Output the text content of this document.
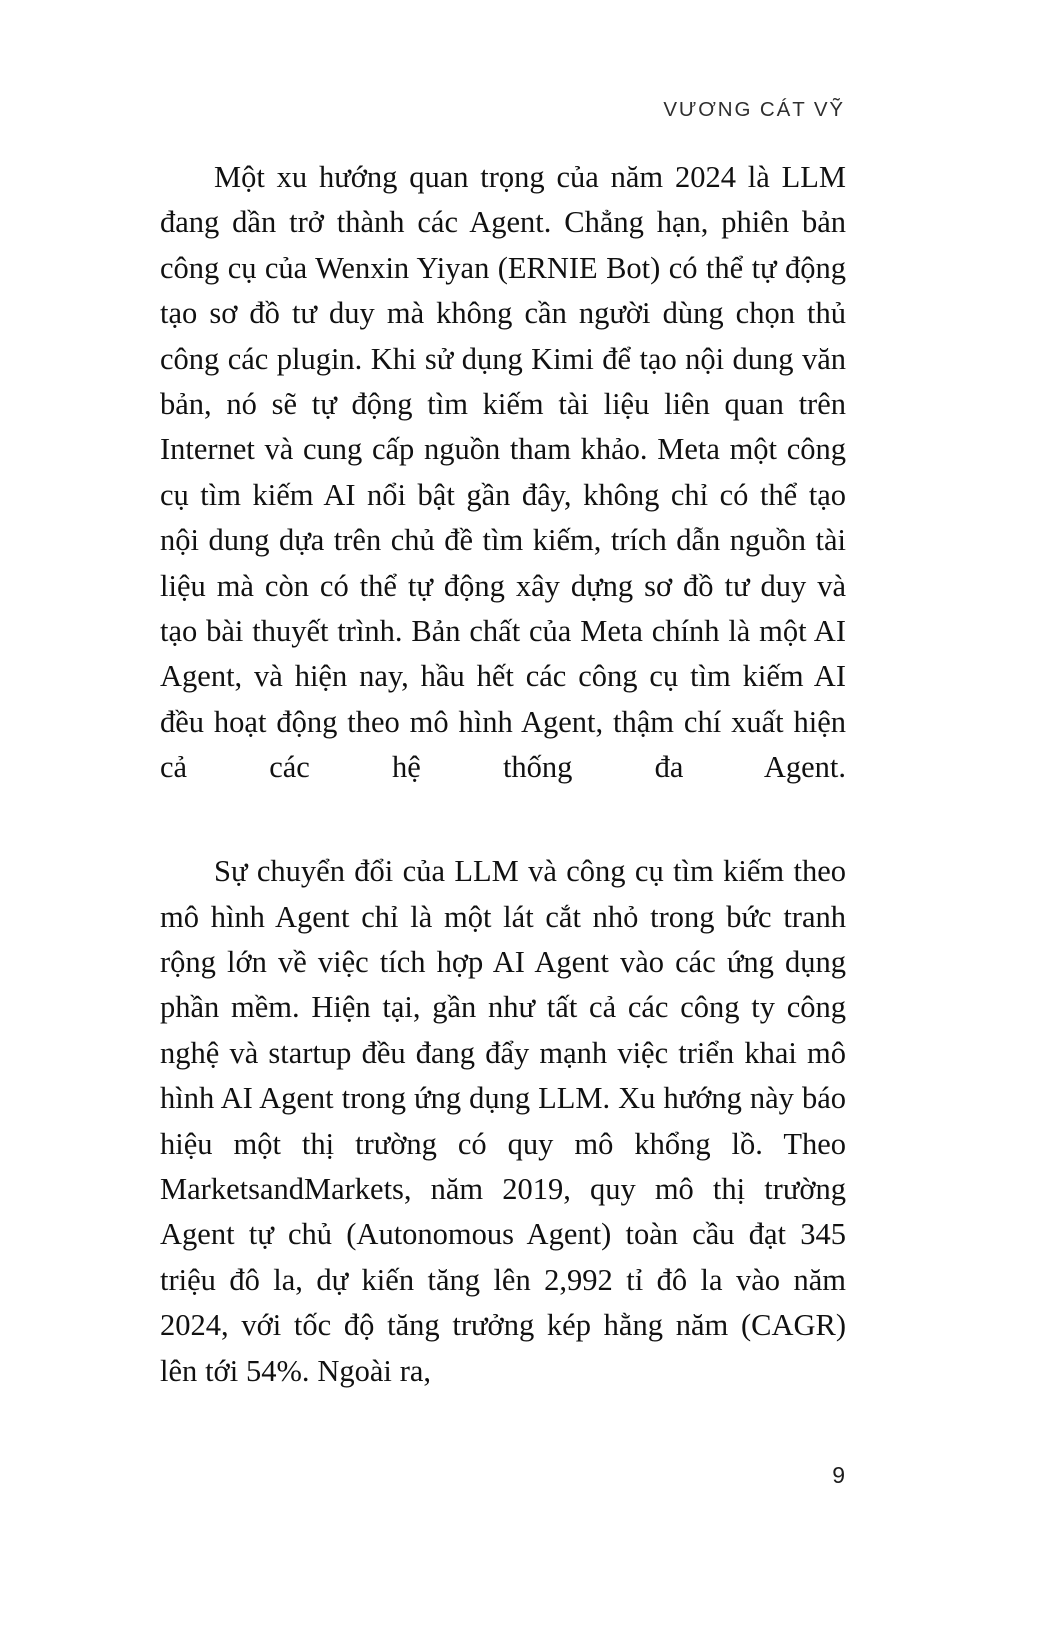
VƯƠNG CÁT VỸ

Một xu hướng quan trọng của năm 2024 là LLM đang dần trở thành các Agent. Chẳng hạn, phiên bản công cụ của Wenxin Yiyan (ERNIE Bot) có thể tự động tạo sơ đồ tư duy mà không cần người dùng chọn thủ công các plugin. Khi sử dụng Kimi để tạo nội dung văn bản, nó sẽ tự động tìm kiếm tài liệu liên quan trên Internet và cung cấp nguồn tham khảo. Meta một công cụ tìm kiếm AI nổi bật gần đây, không chỉ có thể tạo nội dung dựa trên chủ đề tìm kiếm, trích dẫn nguồn tài liệu mà còn có thể tự động xây dựng sơ đồ tư duy và tạo bài thuyết trình. Bản chất của Meta chính là một AI Agent, và hiện nay, hầu hết các công cụ tìm kiếm AI đều hoạt động theo mô hình Agent, thậm chí xuất hiện cả các hệ thống đa Agent.

Sự chuyển đổi của LLM và công cụ tìm kiếm theo mô hình Agent chỉ là một lát cắt nhỏ trong bức tranh rộng lớn về việc tích hợp AI Agent vào các ứng dụng phần mềm. Hiện tại, gần như tất cả các công ty công nghệ và startup đều đang đẩy mạnh việc triển khai mô hình AI Agent trong ứng dụng LLM. Xu hướng này báo hiệu một thị trường có quy mô khổng lồ. Theo MarketsandMarkets, năm 2019, quy mô thị trường Agent tự chủ (Autonomous Agent) toàn cầu đạt 345 triệu đô la, dự kiến tăng lên 2,992 tỉ đô la vào năm 2024, với tốc độ tăng trưởng kép hằng năm (CAGR) lên tới 54%. Ngoài ra,

9
